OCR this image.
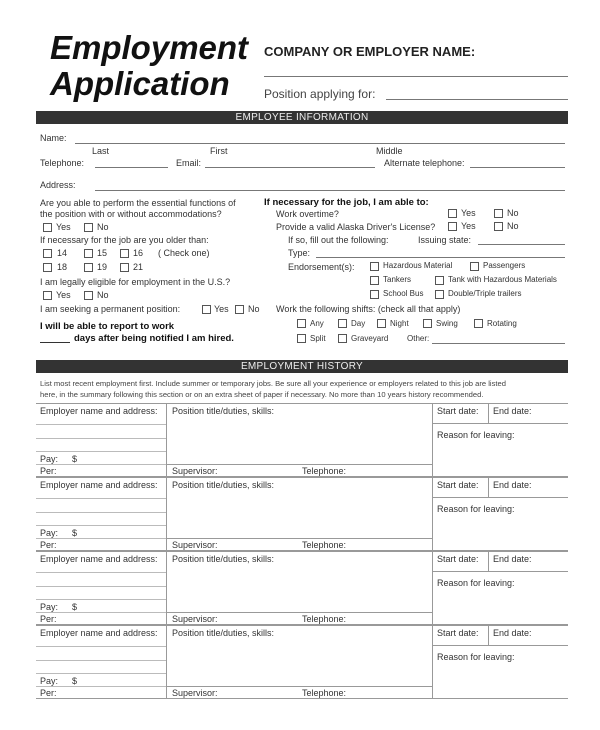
Employment
Application
COMPANY OR EMPLOYER NAME:
Position applying for:
EMPLOYEE INFORMATION
Name:
Last	First	Middle
Telephone:	Email:	Alternate telephone:
Address:
Are you able to perform the essential functions of
the position with or without accommodations?
Yes	No
If necessary for the job are you older than:
14	15	16 ( Check one)
18	19	21
I am legally eligible for employment in the U.S.?
Yes	No
I am seeking a permanent position:	Yes No
I will be able to report to work
days after being notified I am hired.
If necessary for the job, I am able to:
Work overtime?	Yes	No
Provide a valid Alaska Driver's License?	Yes	No
If so, fill out the following:	Issuing state:
Type:
Endorsement(s):	Hazardous Material	Passengers
Tankers	Tank with Hazardous Materials
School Bus	Double/Triple trailers
Work the following shifts: (check all that apply)
Any	Day	Night	Swing	Rotating
Split	Graveyard Other:
EMPLOYMENT HISTORY
List most recent employment first. Include summer or temporary jobs. Be sure all your experience or employers related to this job are listed
here, in the summary following this section or on an extra sheet of paper if necessary. No more than 10 years history recommended.
Employer name and address: Position title/duties, skills:	Start date: End date:
Reason for leaving:
Pay: $
Per:	Supervisor:	Telephone:
Employer name and address: Position title/duties, skills:	Start date: End date:
Reason for leaving:
Pay: $
Per:	Supervisor:	Telephone:
Employer name and address: Position title/duties, skills:	Start date: End date:
Reason for leaving:
Pay: $
Per:	Supervisor:	Telephone:
Employer name and address: Position title/duties, skills:	Start date: End date:
Reason for leaving:
Pay: $
Per:	Supervisor:	Telephone:
